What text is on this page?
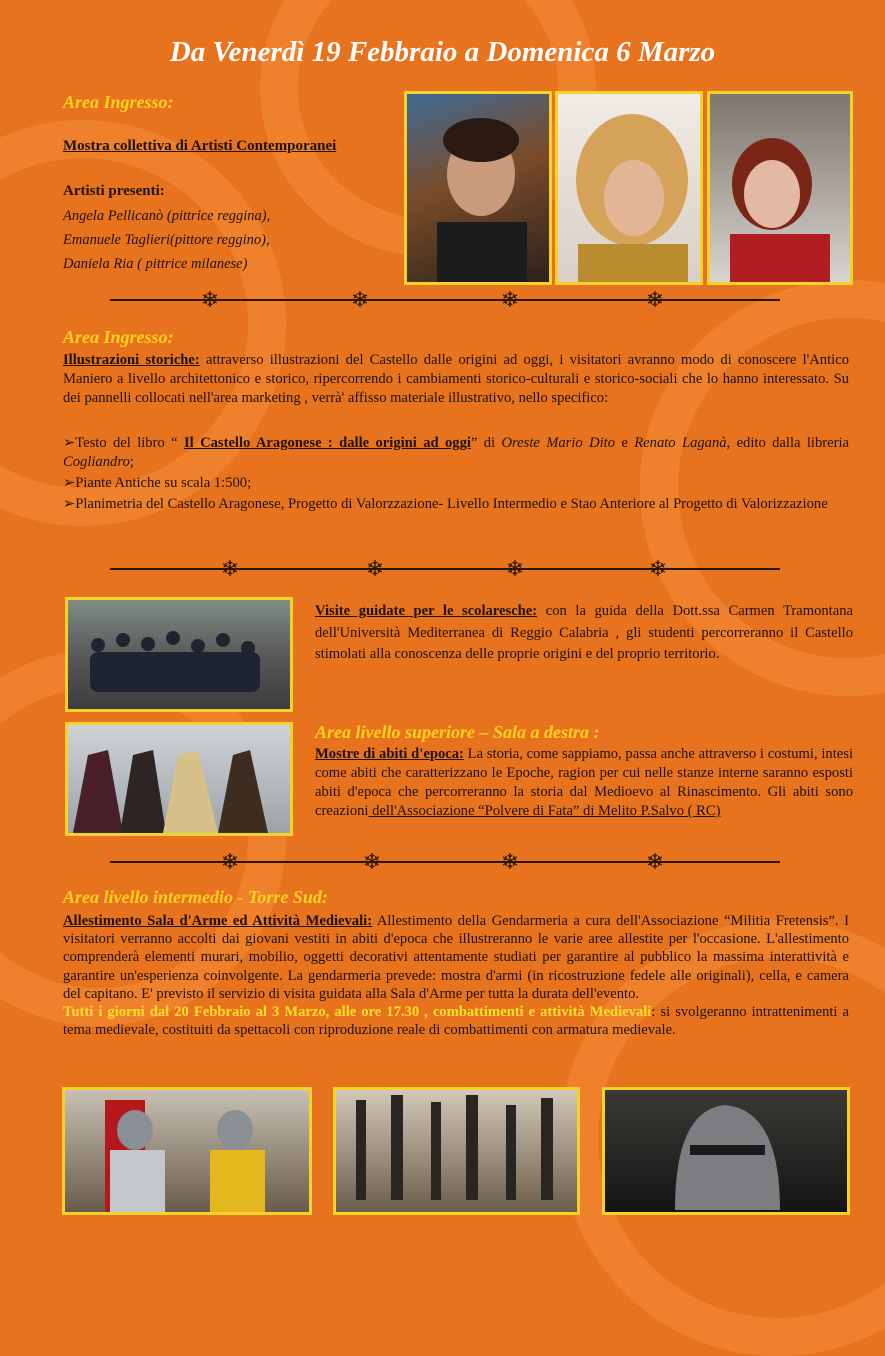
Da Venerdì 19 Febbraio a Domenica 6 Marzo
Area Ingresso:
Mostra collettiva di Artisti Contemporanei
Artisti presenti:
Angela Pellicanò (pittrice reggina),
Emanuele Taglieri(pittore reggino),
Daniela Ria ( pittrice milanese)
❄	❄	❄	❄
Area Ingresso:
Illustrazioni storiche: attraverso illustrazioni del Castello dalle origini ad oggi, i visitatori avranno modo di conoscere l'Antico Maniero a livello architettonico e storico, ripercorrendo i cambiamenti storico-culturali e storico-sociali che lo hanno interessato. Su dei pannelli collocati nell'area marketing , verrà' affisso materiale illustrativo, nello specifico:
➢Testo del libro “ Il Castello Aragonese : dalle origini ad oggi” di Oreste Mario Dito e Renato Laganà, edito dalla libreria Cogliandro;
➢Piante Antiche su scala 1:500;
➢Planimetria del Castello Aragonese, Progetto di Valorzzazione- Livello Intermedio e Stao Anteriore al Progetto di Valorizzazione
❄	❄	❄	❄
Visite guidate per le scolaresche: con la guida della Dott.ssa Carmen Tramontana dell'Università Mediterranea di Reggio Calabria , gli studenti percorreranno il Castello stimolati alla conoscenza delle proprie origini e del proprio territorio.
Area livello superiore – Sala a destra :
Mostre di abiti d'epoca: La storia, come sappiamo, passa anche attraverso i costumi, intesi come abiti che caratterizzano le Epoche, ragion per cui nelle stanze interne saranno esposti abiti d'epoca che percorreranno la storia dal Medioevo al Rinascimento. Gli abiti sono creazioni dell'Associazione “Polvere di Fata” di Melito P.Salvo ( RC)
❄	❄	❄	❄
Area livello intermedio - Torre Sud:
Allestimento Sala d'Arme ed Attività Medievali: Allestimento della Gendarmeria a cura dell'Associazione “Militia Fretensis”. I visitatori verranno accolti dai giovani vestiti in abiti d'epoca che illustreranno le varie aree allestite per l'occasione. L'allestimento comprenderà elementi murari, mobilio, oggetti decorativi attentamente studiati per garantire al pubblico la massima interattività e garantire un'esperienza coinvolgente. La gendarmeria prevede: mostra d'armi (in ricostruzione fedele alle originali), cella, e camera del capitano. E' previsto il servizio di visita guidata alla Sala d'Arme per tutta la durata dell'evento.
Tutti i giorni dal 20 Febbraio al 3 Marzo, alle ore 17.30 , combattimenti e attività Medievali: si svolgeranno intrattenimenti a tema medievale, costituiti da spettacoli con riproduzione reale di combattimenti con armatura medievale.
